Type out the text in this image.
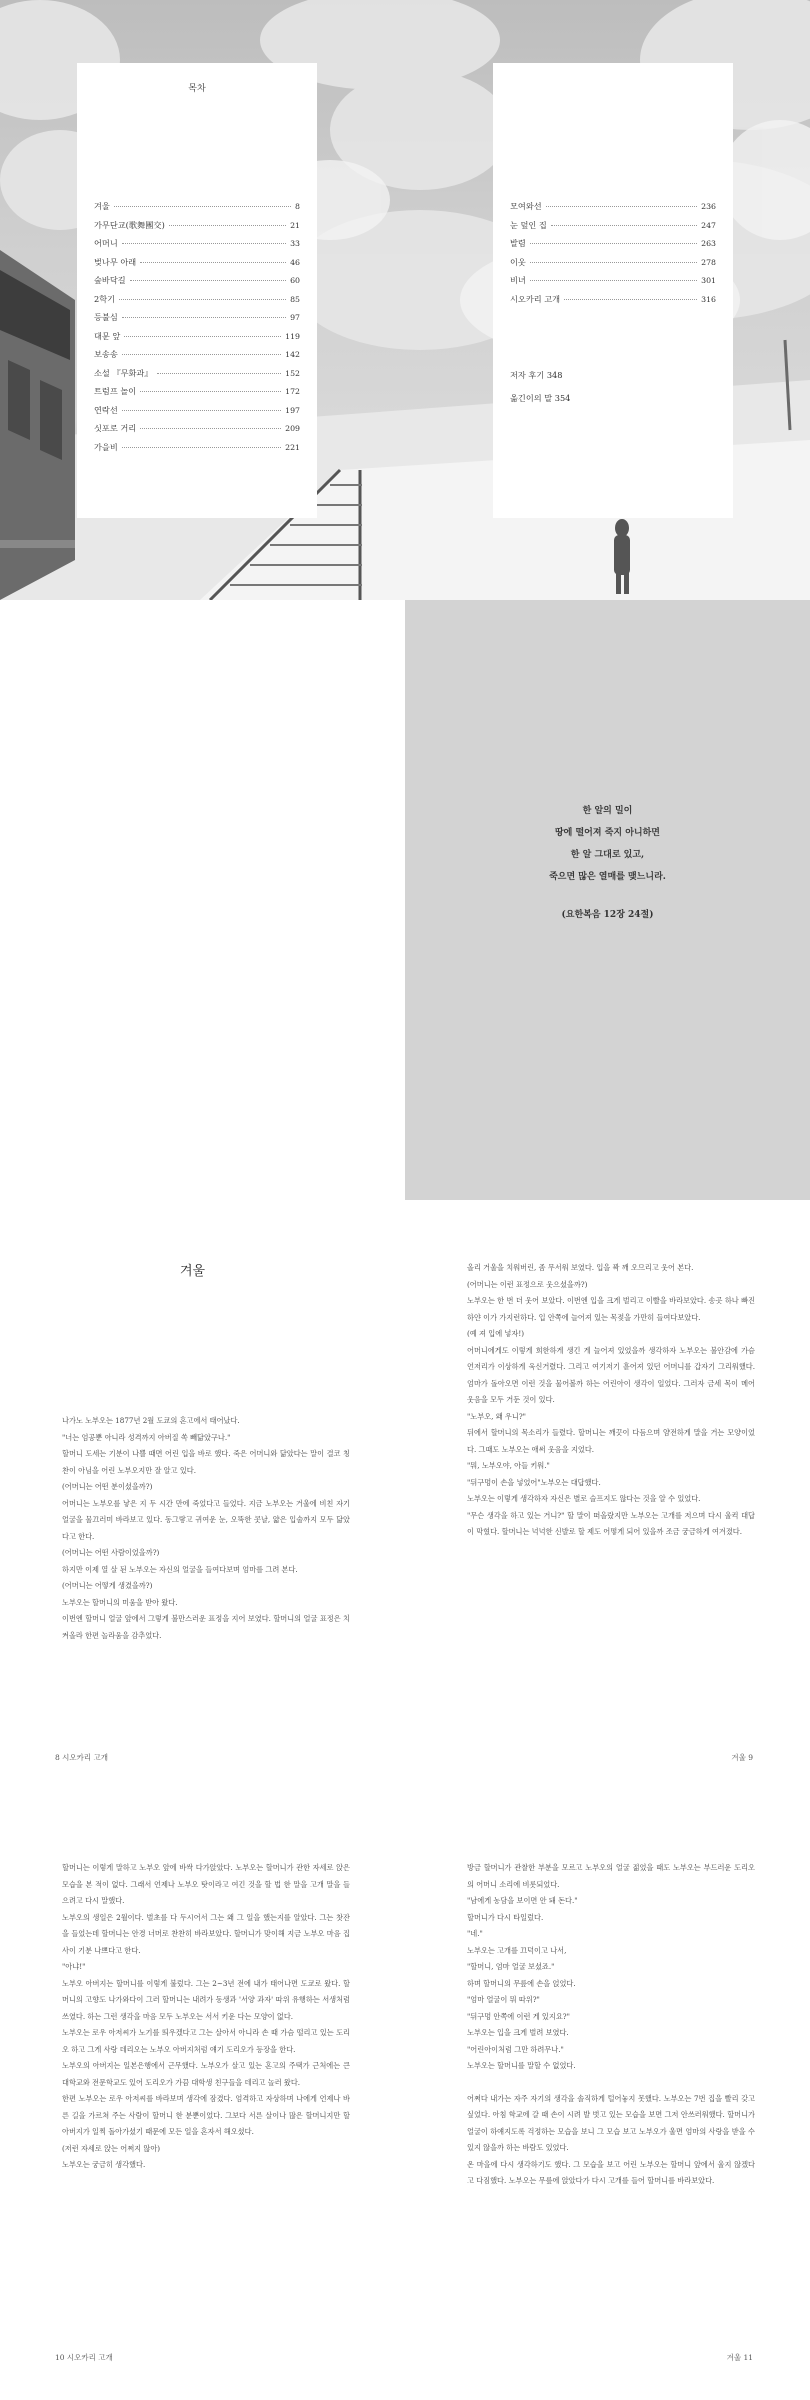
목차
겨울	8
가무단교(歌舞團交)	21
어머니	33
벚나무 아래	46
숲바닥길	60
2학기	85
등불심	97
대문 앞	119
보송송	142
소설 『무화과』	152
트럼프 놀이	172
연락선	197
싯포로 거리	209
가을비	221
모여와선	236
눈 덮인 집	247
발렴	263
이웃	278
비녀	301
시오카리 고개	316
저자 후기 348
옮긴이의 말 354
한 알의 밀이
땅에 떨어져 죽지 아니하면
한 알 그대로 있고,
죽으면 많은 열매를 맺느니라.
(요한복음 12장 24절)
겨울

나가노 노부오는 1877년 2월 도쿄의 혼고에서 태어났다.

"너는 엄공뿐 아니라 성격까지 아버질 쏙 빼닮았구나."

할머니 도세는 기분이 나쁠 때면 어린 입을 바로 했다. 죽은 어머니와 닮았다는 말이 결코 칭찬이 아님을 어린 노부오지만 잘 알고 있다.

(어머니는 어떤 분이셨을까?)

어머니는 노부오를 낳은 지 두 시간 만에 죽었다고 들었다. 지금 노부오는 거울에 비친 자기 얼굴을 물끄러미 바라보고 있다. 동그랗고 귀여운 눈, 오뚝한 콧날, 얇은 입술까지 모두 닮았다고 한다.

(어머니는 어떤 사람이었을까?)

하지만 이제 열 살 된 노부오는 자신의 얼굴을 들여다보며 엄마를 그려 본다.

(어머니는 어떻게 생겼을까?)

노부오는 할머니의 미움을 받아 왔다.

이번엔 할머니 얼굴 앞에서 그렇게 불만스러운 표정을 지어 보였다. 할머니의 얼굴 표정은 치켜올라 한편 놀라움을 감추었다.

8 시오카리 고개

올리 거울을 치워버린, 좀 무서워 보였다. 입을 꽉 깨 오므리고 웃어 본다.

(어머니는 이런 표정으로 웃으셨을까?)

노부오는 한 번 더 웃어 보았다. 이번엔 입을 크게 벌리고 이빨을 바라보았다. 송곳 하나 빠진 하얀 이가 가지런하다. 입 안쪽에 늘어져 있는 목젖을 가만히 들여다보았다.

(예 져 입에 넣자!)

어머니에게도 이렇게 희한하게 생긴 게 늘어져 있었을까 생각하자 노부오는 불안감에 가슴 언저리가 이상하게 욱신거렸다. 그리고 여기저기 흩어져 있던 어머니를 갑자기 그리워했다. 엄마가 돌아오면 이런 것을 물어볼까 하는 어린아이 생각이 일었다. 그러자 금세 목이 메어 웃음을 모두 거둔 것이 있다.

"노부오, 왜 우니?"

뒤에서 할머니의 목소리가 들렸다. 할머니는 깨끗이 다듬으며 얌전하게 말을 거는 모양이었다. 그때도 노부오는 애써 웃음을 지었다.

"뭐, 노부오야, 아들 키워."

"뒤구멍이 손을 넣었어"노부오는 대답했다.

노부오는 이렇게 생각하자 자신은 별로 슬프지도 않다는 것을 알 수 있었다.

"무슨 생각을 하고 있는 거니?" 할 말이 떠올랐지만 노부오는 고개를 저으며 다시 울컥 대답이 막혔다. 할머니는 넉넉한 신발로 할 제도 어떻게 되어 있을까 조금 궁금하게 여겨졌다.

겨울 9

할머니는 이렇게 말하고 노부오 앞에 바싹 다가앉았다. 노부오는 할머니가 관한 자세로 앉은 모습을 본 적이 없다. 그래서 언제나 노부오 탓이라고 여긴 것을 할 법 한 말을 고개 말을 들으려고 다시 말했다.

노부오의 생일은 2월이다. 벌초를 다 두시어서 그는 왜 그 일을 했는지를 알았다. 그는 찻잔을 들었는데 할머니는 안경 너머로 찬찬히 바라보았다. 할머니가 맞이해 지금 노부오 마음 집 사이 기분 나쁘다고 한다.

"아냐!"

노부오 아버지는 할머니를 이렇게 불렀다. 그는 2~3년 전에 내가 태어나면 도쿄로 왔다. 할머니의 고향도 나가와다이 그러 할머니는 내려가 동생과 '서양 과자' 따위 유행하는 서생처럼 쓰였다. 하는 그런 생각을 마음 모두 노부오는 서서 키운 다는 모양이 없다.

노부오는 로우 아저씨가 노기를 띄우겠다고 그는 살아서 아니라 손 때 가슴 떨리고 있는 도리오 하고 그게 사랑 데리오는 노부오 아버지처럼 얘기 도리오가 등장을 한다.

노부오의 아버지는 일본은행에서 근무했다. 노부오가 살고 있는 혼고의 주택가 근처에는 큰 대학교와 전문학교도 있어 도리오가 가끔 대학생 친구들을 데리고 놀러 왔다.

한편 노부오는 로우 아저씨를 바라보며 생각에 잠겼다. 엄격하고 자상하며 나에게 언제나 바른 길을 가르쳐 주는 사람이 할머니 한 분뿐이었다. 그보다 서른 살이나 많은 할머니지만 할아버지가 일찍 돌아가셨기 때문에 모든 일을 혼자서 해오셨다.

(저런 자세로 앉는 어쩌지 않아)

노부오는 궁금히 생각했다.

10 시오카리 고개

방금 할머니가 관찰한 부분을 모르고 노부오의 얼굴 젊었을 때도 노부오는 부드러운 도리오의 어머니 소리에 비롯되었다.

"남에게 농담을 보이면 안 돼 돈다."

할머니가 다시 타일렀다.

"네."

노부오는 고개를 끄덕이고 나서,

"할머니, 엄마 얼굴 보셨죠."

하며 할머니의 무릎에 손을 얹었다.

"엄마 얼굴이 뭐 따위?"

"뒤구멍 안쪽에 이런 게 있지요?"

노부오는 입을 크게 벌려 보였다.

"어린아이처럼 그만 하려무나."

노부오는 할머니를 말할 수 없었다.

어쩌다 내가는 자주 자기의 생각을 솔직하게 털어놓지 못했다. 노부오는 7번 집을 빨리 갖고 싶었다. 아침 학교에 갈 때 손이 시려 발 벗고 있는 모습을 보면 그저 안쓰러워했다. 할머니가 얼굴이 하얘지도록 걱정하는 모습을 보니 그 모습 보고 노부오가 울면 엄마의 사랑을 받을 수 있지 않을까 하는 바람도 있었다.

온 마을에 다시 생각하기도 했다. 그 모습을 보고 어린 노부오는 할머니 앞에서 울지 않겠다고 다짐했다. 노부오는 무릎에 앉았다가 다시 고개를 들어 할머니를 바라보았다.

겨울 11
